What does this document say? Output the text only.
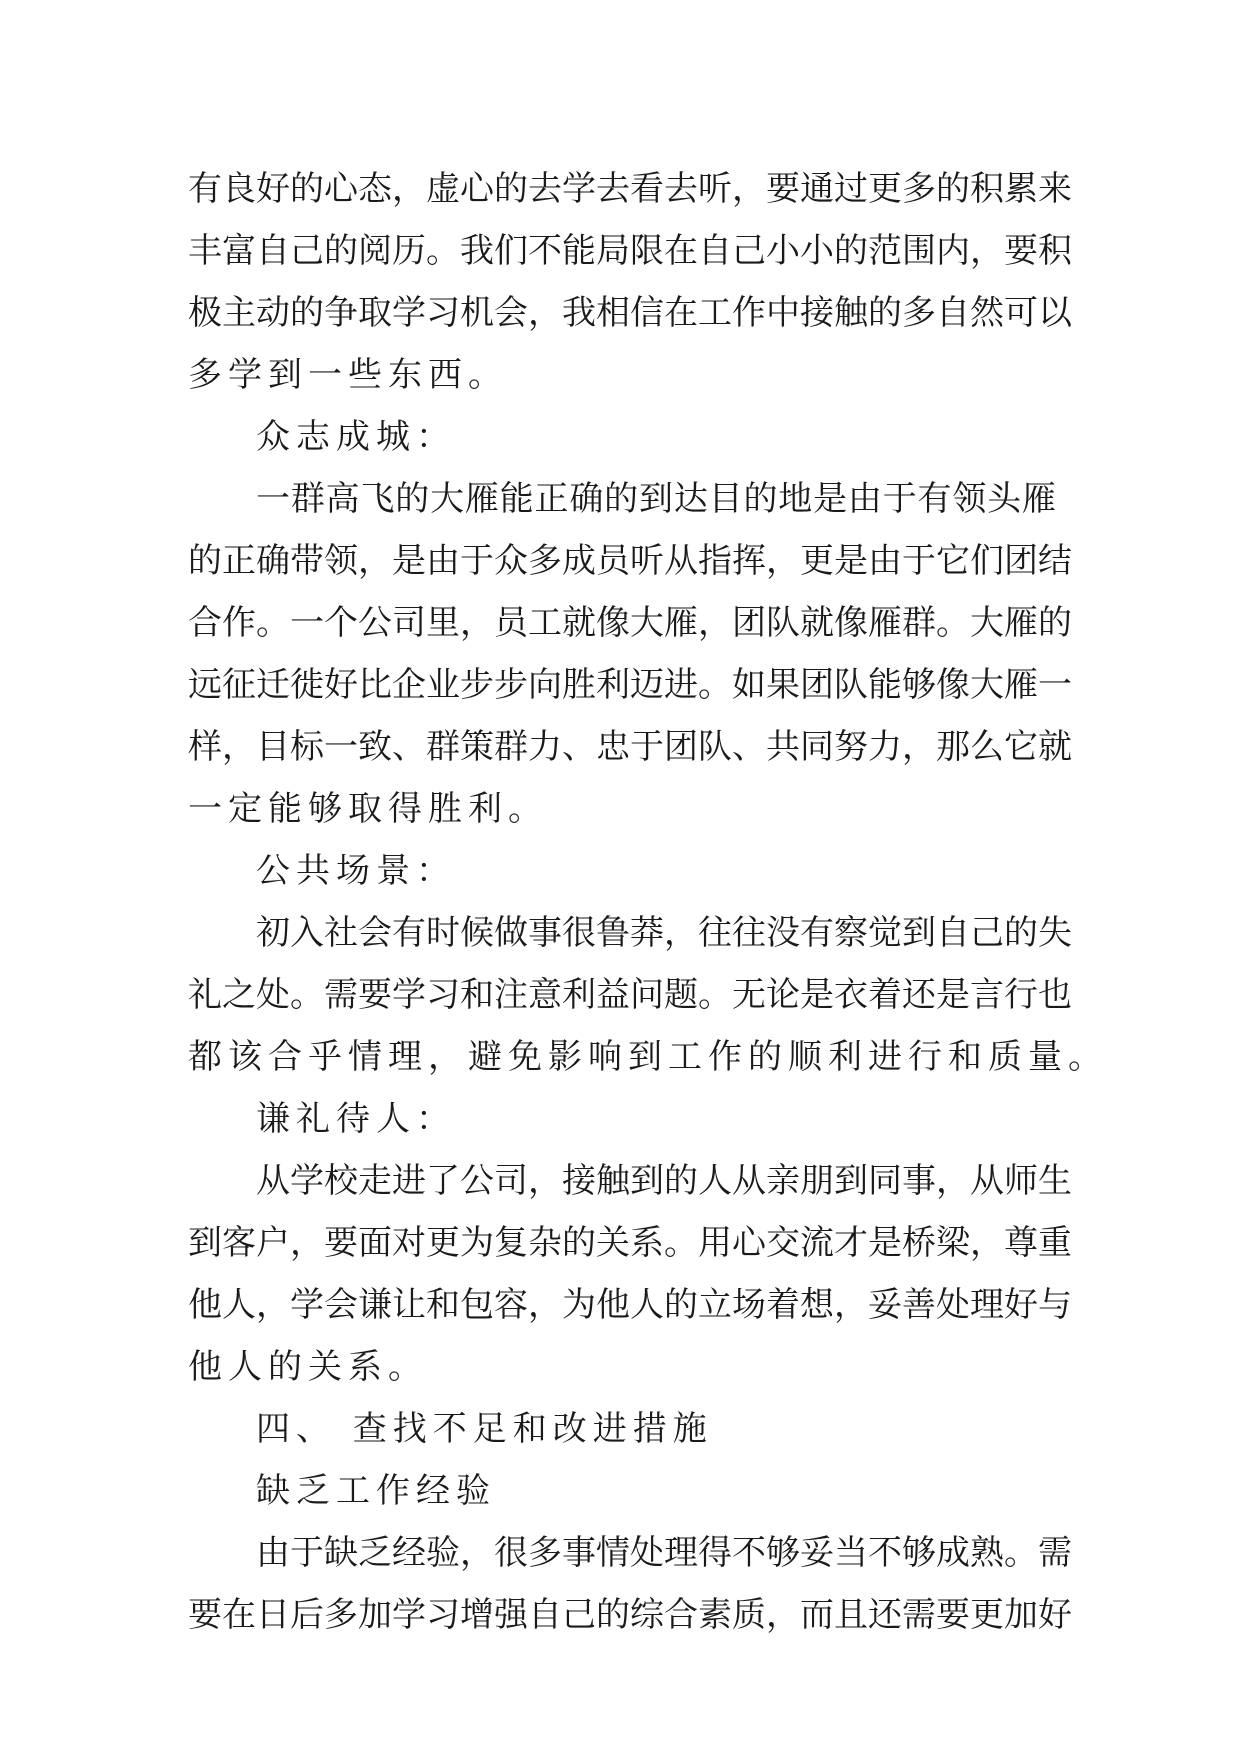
有良好的心态，虚心的去学去看去听，要通过更多的积累来
丰富自己的阅历。我们不能局限在自己小小的范围内，要积
极主动的争取学习机会，我相信在工作中接触的多自然可以
多学到一些东西。
众志成城：
一群高飞的大雁能正确的到达目的地是由于有领头雁
的正确带领，是由于众多成员听从指挥，更是由于它们团结
合作。一个公司里，员工就像大雁，团队就像雁群。大雁的
远征迁徙好比企业步步向胜利迈进。如果团队能够像大雁一
样，目标一致、群策群力、忠于团队、共同努力，那么它就
一定能够取得胜利。
公共场景：
初入社会有时候做事很鲁莽，往往没有察觉到自己的失
礼之处。需要学习和注意利益问题。无论是衣着还是言行也
都该合乎情理，避免影响到工作的顺利进行和质量。
谦礼待人：
从学校走进了公司，接触到的人从亲朋到同事，从师生
到客户，要面对更为复杂的关系。用心交流才是桥梁，尊重
他人，学会谦让和包容，为他人的立场着想，妥善处理好与
他人的关系。
四、 查找不足和改进措施
缺乏工作经验
由于缺乏经验，很多事情处理得不够妥当不够成熟。需
要在日后多加学习增强自己的综合素质，而且还需要更加好
